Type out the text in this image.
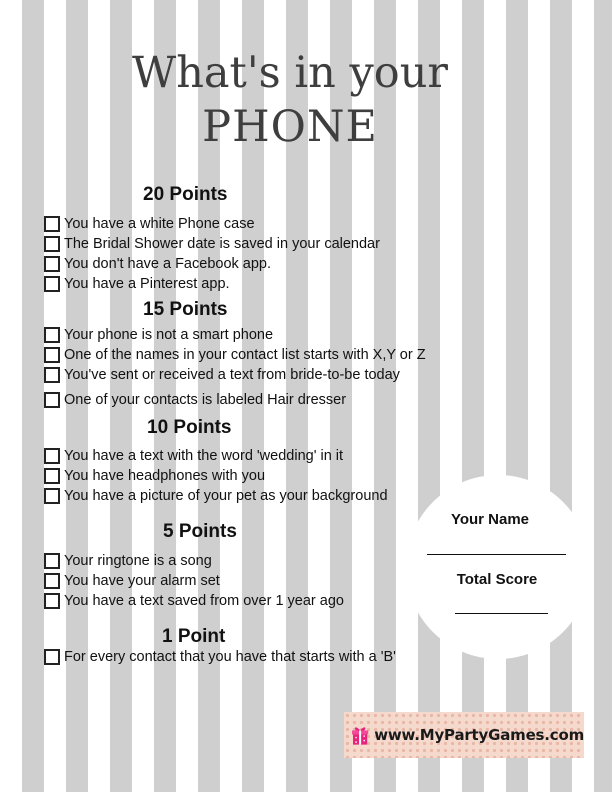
What's in your
PHONE
20 Points
You have a white Phone case
The Bridal Shower date is saved in your calendar
You don't have a Facebook app.
You have a Pinterest app.
15 Points
Your phone is not a smart phone
One of the names in your contact list starts with X,Y or Z
You've sent or received a text from bride-to-be today
One of your contacts is labeled Hair dresser
10 Points
You have a text with the word 'wedding' in it
You have headphones with you
You have a picture of your pet as your background
5 Points
Your ringtone is a song
You have your alarm set
You have a text saved from over 1 year ago
1 Point
For every contact that you have that starts with a 'B'
Your Name
Total Score
www.MyPartyGames.com
